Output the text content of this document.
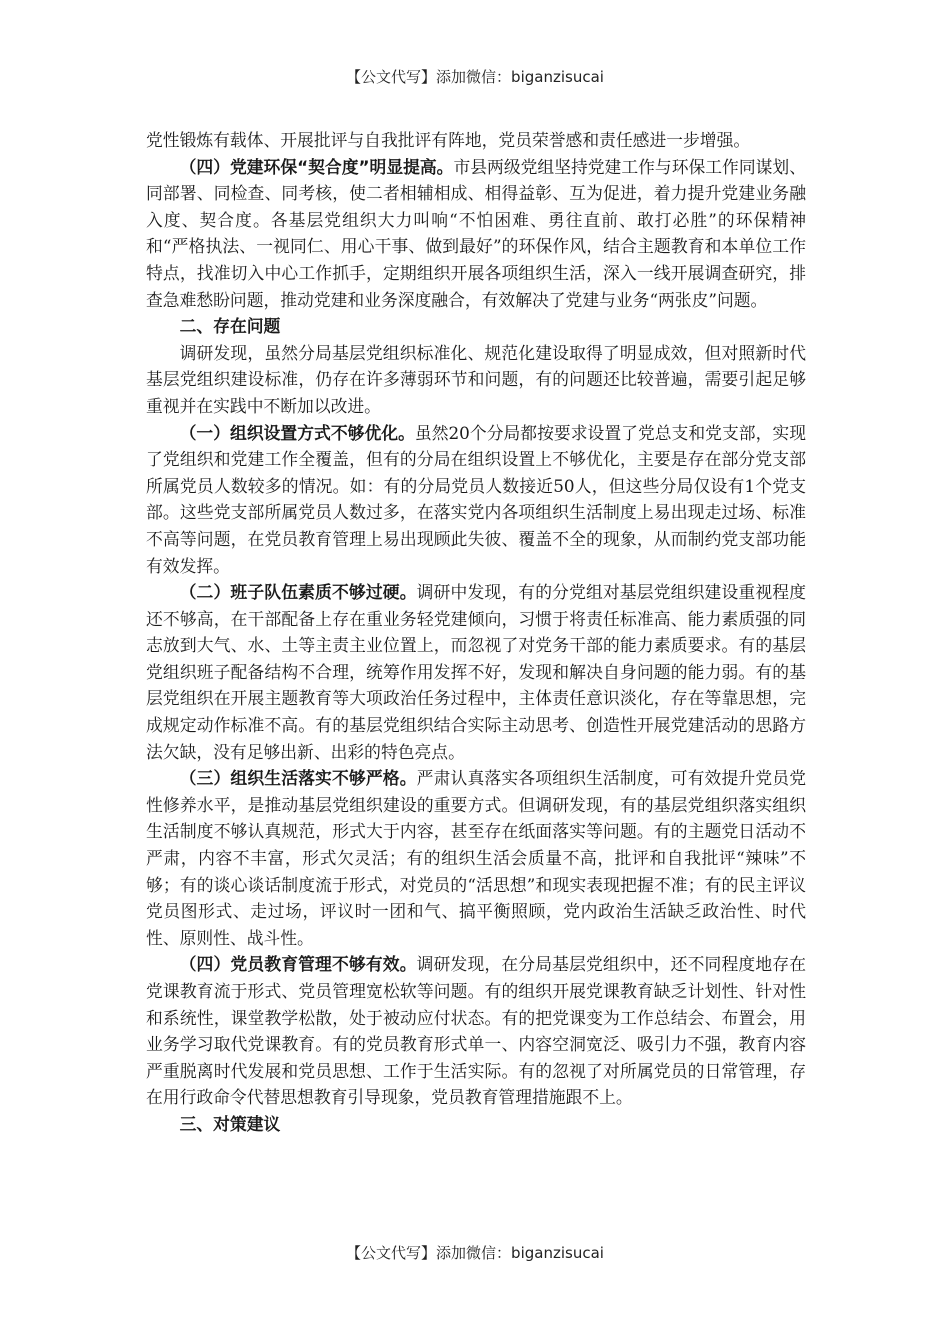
【公文代写】添加微信：biganzisucai

党性锻炼有载体、开展批评与自我批评有阵地，党员荣誉感和责任感进一步增强。

（四）党建环保“契合度”明显提高。市县两级党组坚持党建工作与环保工作同谋划、同部署、同检查、同考核，使二者相辅相成、相得益彰、互为促进，着力提升党建业务融入度、契合度。各基层党组织大力叫响“不怕困难、勇往直前、敢打必胜”的环保精神和“严格执法、一视同仁、用心干事、做到最好”的环保作风，结合主题教育和本单位工作特点，找准切入中心工作抓手，定期组织开展各项组织生活，深入一线开展调查研究，排查急难愁盼问题，推动党建和业务深度融合，有效解决了党建与业务“两张皮”问题。

二、存在问题

调研发现，虽然分局基层党组织标准化、规范化建设取得了明显成效，但对照新时代基层党组织建设标准，仍存在许多薄弱环节和问题，有的问题还比较普遍，需要引起足够重视并在实践中不断加以改进。

（一）组织设置方式不够优化。虽然20个分局都按要求设置了党总支和党支部，实现了党组织和党建工作全覆盖，但有的分局在组织设置上不够优化，主要是存在部分党支部所属党员人数较多的情况。如：有的分局党员人数接近50人，但这些分局仅设有1个党支部。这些党支部所属党员人数过多，在落实党内各项组织生活制度上易出现走过场、标准不高等问题，在党员教育管理上易出现顾此失彼、覆盖不全的现象，从而制约党支部功能有效发挥。

（二）班子队伍素质不够过硬。调研中发现，有的分党组对基层党组织建设重视程度还不够高，在干部配备上存在重业务轻党建倾向，习惯于将责任标准高、能力素质强的同志放到大气、水、土等主责主业位置上，而忽视了对党务干部的能力素质要求。有的基层党组织班子配备结构不合理，统筹作用发挥不好，发现和解决自身问题的能力弱。有的基层党组织在开展主题教育等大项政治任务过程中，主体责任意识淡化，存在等靠思想，完成规定动作标准不高。有的基层党组织结合实际主动思考、创造性开展党建活动的思路方法欠缺，没有足够出新、出彩的特色亮点。

（三）组织生活落实不够严格。严肃认真落实各项组织生活制度，可有效提升党员党性修养水平，是推动基层党组织建设的重要方式。但调研发现，有的基层党组织落实组织生活制度不够认真规范，形式大于内容，甚至存在纸面落实等问题。有的主题党日活动不严肃，内容不丰富，形式欠灵活；有的组织生活会质量不高，批评和自我批评“辣味”不够；有的谈心谈话制度流于形式，对党员的“活思想”和现实表现把握不准；有的民主评议党员图形式、走过场，评议时一团和气、搞平衡照顾，党内政治生活缺乏政治性、时代性、原则性、战斗性。

（四）党员教育管理不够有效。调研发现，在分局基层党组织中，还不同程度地存在党课教育流于形式、党员管理宽松软等问题。有的组织开展党课教育缺乏计划性、针对性和系统性，课堂教学松散，处于被动应付状态。有的把党课变为工作总结会、布置会，用业务学习取代党课教育。有的党员教育形式单一、内容空洞宽泛、吸引力不强，教育内容严重脱离时代发展和党员思想、工作于生活实际。有的忽视了对所属党员的日常管理，存在用行政命令代替思想教育引导现象，党员教育管理措施跟不上。

三、对策建议

【公文代写】添加微信：biganzisucai
